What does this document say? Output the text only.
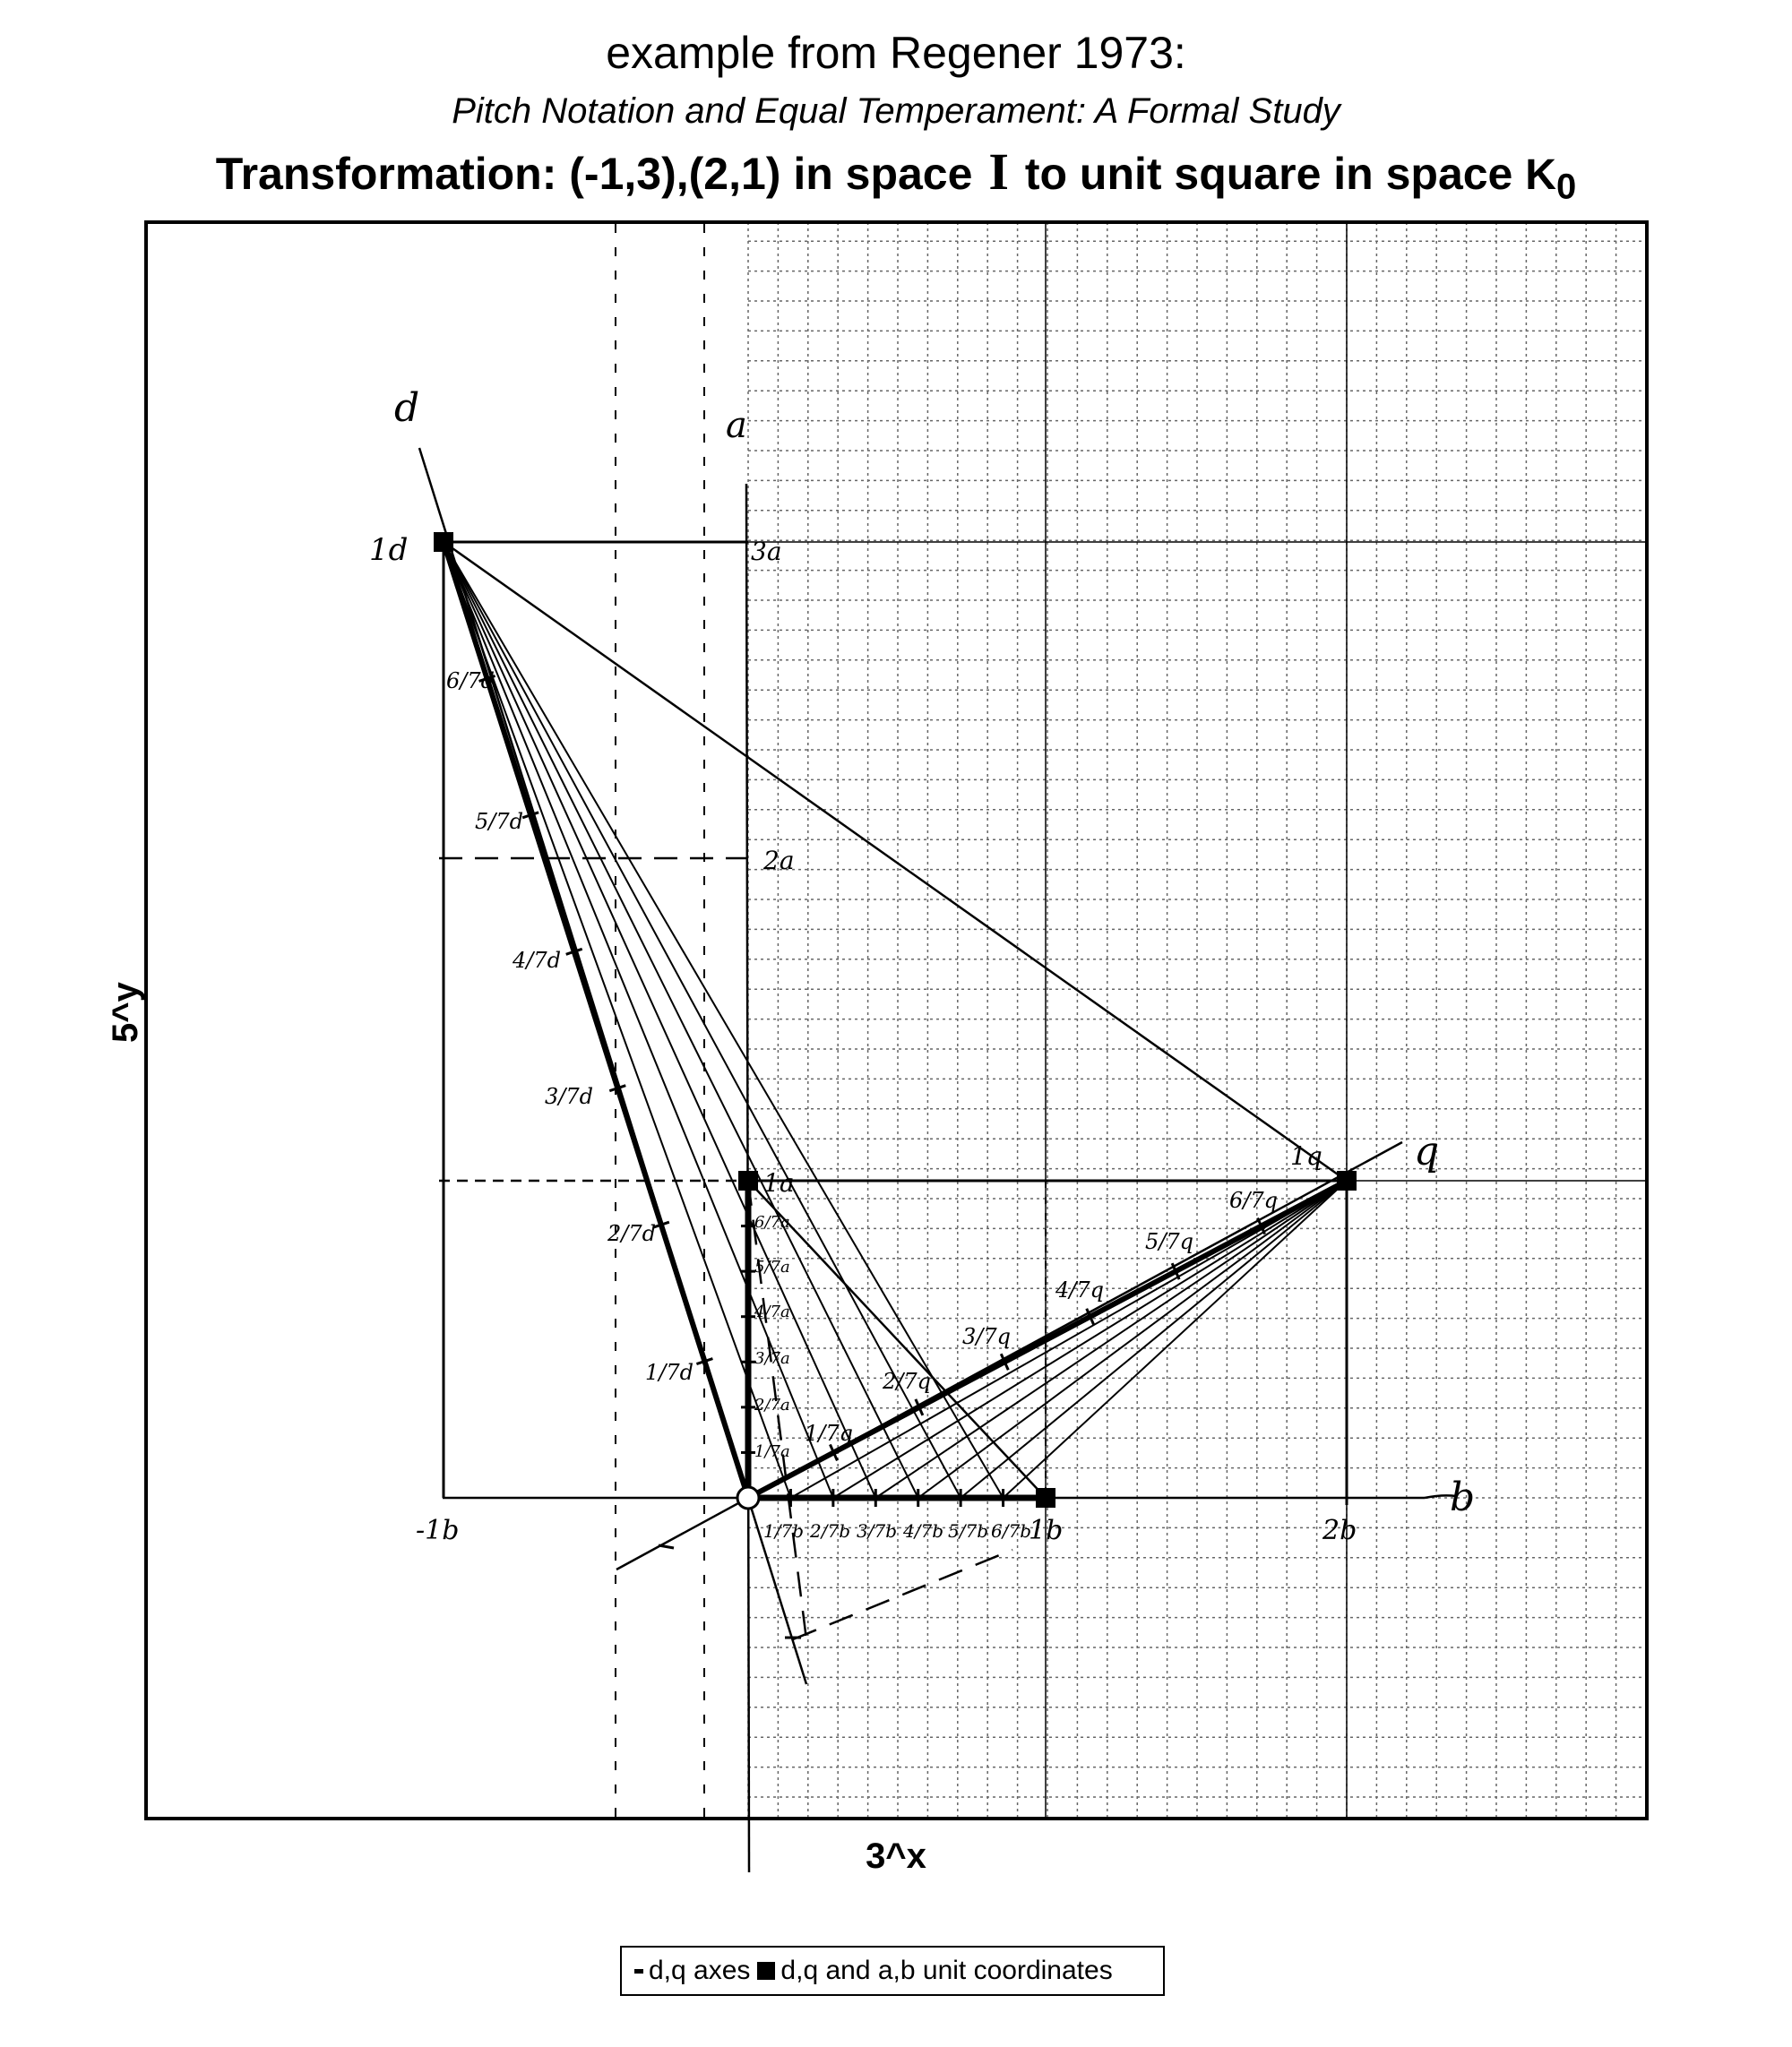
example from Regener 1973:
Pitch Notation and Equal Temperament: A Formal Study
Transformation: (-1,3),(2,1) in space I to unit square in space $K_0$
d	a
q
b
1d	3a
2a
1a
1q
-1b	1b	2b
6/7d
5/7d
4/7d
3/7d
2/7d
1/7d
1/7q
2/7q
3/7q
4/7q
5/7q
6/7q
6/7a
5/7a
4/7a
3/7a
2/7a
1/7a
1/7b 2/7b 3/7b 4/7b 5/7b 6/7b
5^y
3^x
d,q axes d,q and a,b unit coordinates
